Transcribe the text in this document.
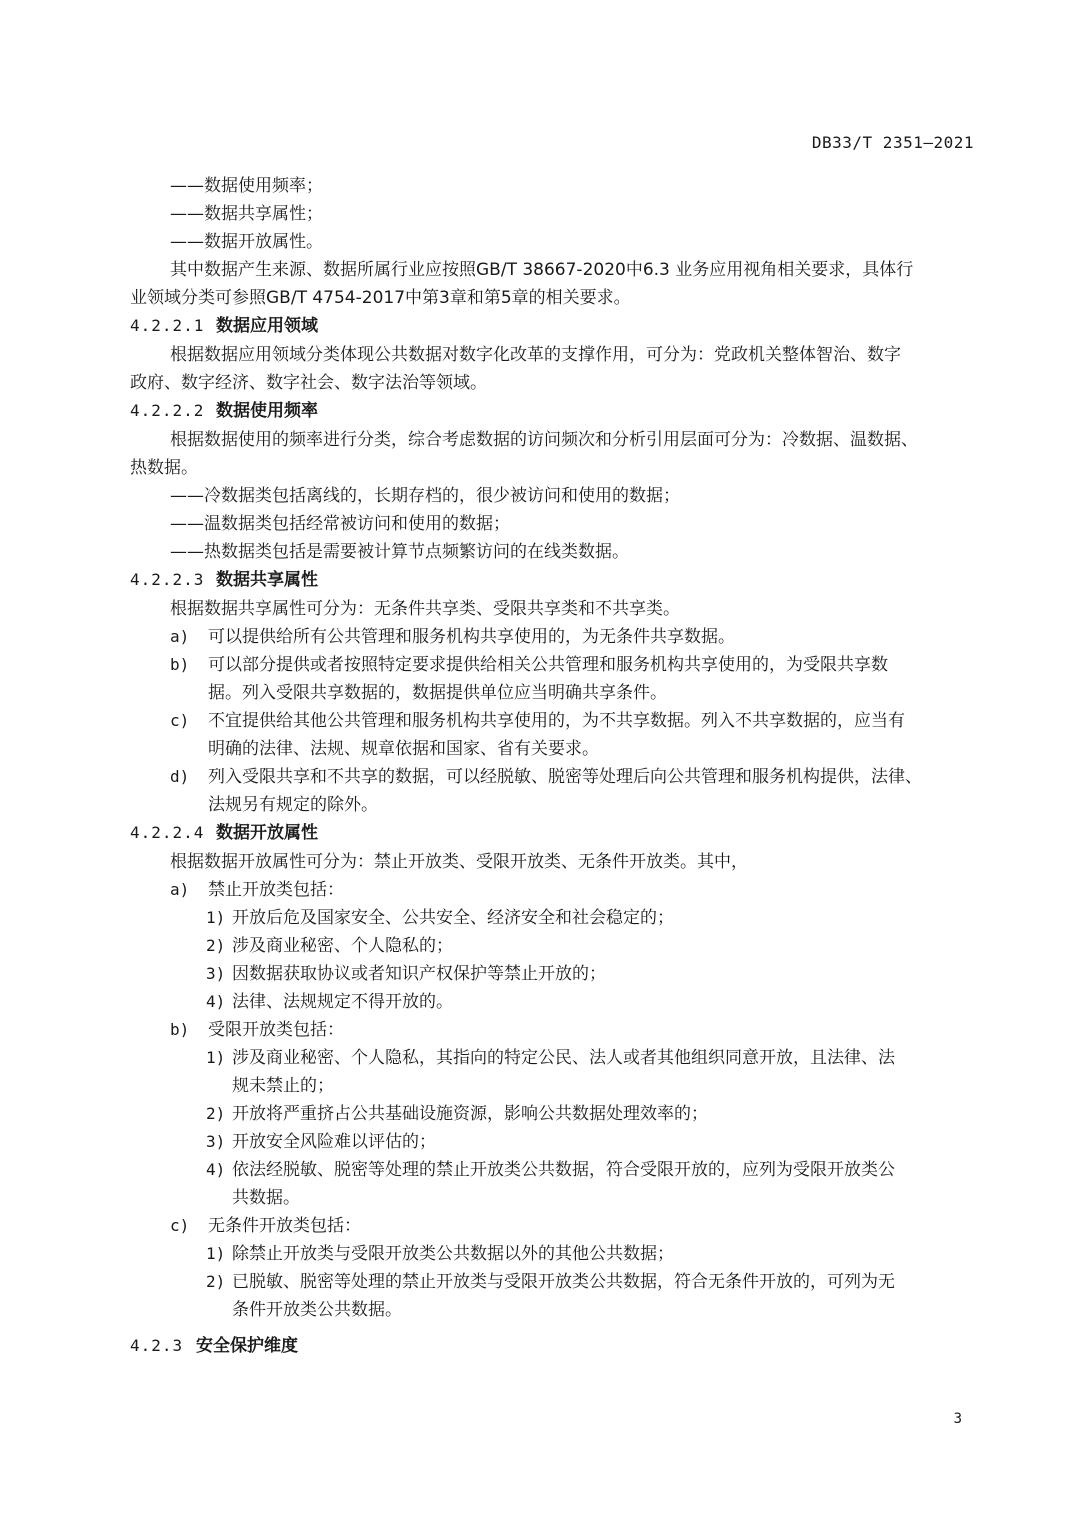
DB33/T 2351—2021
——数据使用频率；
——数据共享属性；
——数据开放属性。
其中数据产生来源、数据所属行业应按照GB/T 38667-2020中6.3 业务应用视角相关要求，具体行
业领域分类可参照GB/T 4754-2017中第3章和第5章的相关要求。
4.2.2.1 数据应用领域
根据数据应用领域分类体现公共数据对数字化改革的支撑作用，可分为：党政机关整体智治、数字
政府、数字经济、数字社会、数字法治等领域。
4.2.2.2 数据使用频率
根据数据使用的频率进行分类，综合考虑数据的访问频次和分析引用层面可分为：冷数据、温数据、
热数据。
——冷数据类包括离线的，长期存档的，很少被访问和使用的数据；
——温数据类包括经常被访问和使用的数据；
——热数据类包括是需要被计算节点频繁访问的在线类数据。
4.2.2.3 数据共享属性
根据数据共享属性可分为：无条件共享类、受限共享类和不共享类。
a)	可以提供给所有公共管理和服务机构共享使用的，为无条件共享数据。
b)	可以部分提供或者按照特定要求提供给相关公共管理和服务机构共享使用的，为受限共享数
据。列入受限共享数据的，数据提供单位应当明确共享条件。
c)	不宜提供给其他公共管理和服务机构共享使用的，为不共享数据。列入不共享数据的，应当有
明确的法律、法规、规章依据和国家、省有关要求。
d)	列入受限共享和不共享的数据，可以经脱敏、脱密等处理后向公共管理和服务机构提供，法律、
法规另有规定的除外。
4.2.2.4 数据开放属性
根据数据开放属性可分为：禁止开放类、受限开放类、无条件开放类。其中，
a)	禁止开放类包括：
1) 开放后危及国家安全、公共安全、经济安全和社会稳定的；
2) 涉及商业秘密、个人隐私的；
3) 因数据获取协议或者知识产权保护等禁止开放的；
4) 法律、法规规定不得开放的。
b)	受限开放类包括：
1) 涉及商业秘密、个人隐私，其指向的特定公民、法人或者其他组织同意开放，且法律、法
规未禁止的；
2) 开放将严重挤占公共基础设施资源，影响公共数据处理效率的；
3) 开放安全风险难以评估的；
4) 依法经脱敏、脱密等处理的禁止开放类公共数据，符合受限开放的，应列为受限开放类公
共数据。
c)	无条件开放类包括：
1) 除禁止开放类与受限开放类公共数据以外的其他公共数据；
2) 已脱敏、脱密等处理的禁止开放类与受限开放类公共数据，符合无条件开放的，可列为无
条件开放类公共数据。
4.2.3 安全保护维度
3
